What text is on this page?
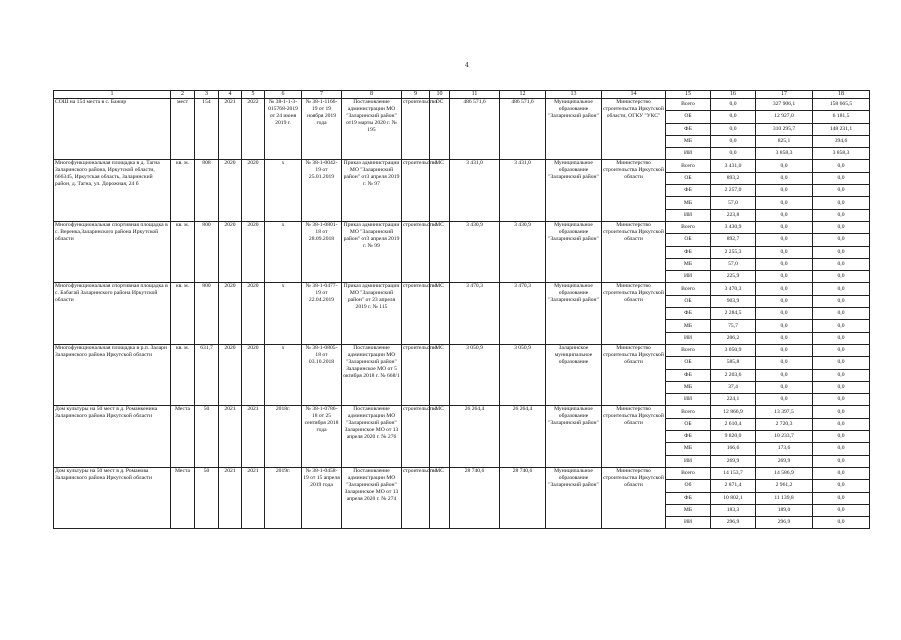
4
1	2	3	4	5	6	7	8	9	10	11	12	13	14	15	16	17	18
СОШ на 154 места в с. Бажир	мест	154	2021	2022	№ 38-1-1-3-015768-2019 от 24 июня 2019 г.	№ 38-1-1166-19 от 19 ноября 2019 года	Постановление администрации МО "Заларинский район" от19 марты 2020 г. № 195	строительство	ОС	486 571,6	486 571,6	Муниципальное образование "Заларинский район"	Министерство строительства Иркутской области, ОГКУ "УКС"	Всего	0,0	327 906,1	158 665,5
														ОБ	0,0	12 927,0	6 181,5
														ФБ	0,0	310 295,7	148 231,1
														МБ	0,0	825,1	394,6
														ИИ	0,0	3 858,3	3 858,3
Многофункциональная площадка в д. Тагна Заларинского района, Иркутской области, 666345, Иркутская область, Заларинский район, д. Тагна, ул. Дорожная, 24 б	кв. м.	808	2020	2020	х	№ 38-1-0042-19 от 25.01.2019	Приказ администрации МО "Заларинский район" от3 апреля 2019 г. № 97	строительство	МС	3 431,0	3 431,0	Муниципальное образование "Заларинский район"	Министерство строительства Иркутской области	Всего	3 431,0	0,0	0,0
														ОБ	893,2	0,0	0,0
														ФБ	2 257,0	0,0	0,0
														МБ	57,0	0,0	0,0
														ИИ	223,8	0,0	0,0
Многофункциональная спортивная площадка в с. Веренка,Заларинского района Иркутской области	кв. м.	800	2020	2020	х	№ 38-1-0801-18 от 28.09.2018	Приказ администрации МО "Заларинский район" от3 апреля 2019 г. № 99	строительство	МС	3 430,9	3 430,9	Муниципальное образование "Заларинский район"	Министерство строительства Иркутской области	Всего	3 430,9	0,0	0,0
														ОБ	892,7	0,0	0,0
														ФБ	2 255,3	0,0	0,0
														МБ	57,0	0,0	0,0
														ИИ	225,9	0,0	0,0
Многофункциональная спортивная площадка в с. Бабагай Заларинского района Иркутской области	кв. м.	800	2020	2020	х	№ 38-1-0477-19 от 22.04.2019	Приказ администрации МО "Заларинский район" от 23 апреля 2019 г. № 115	строительство	МС	3 470,3	3 470,3	Муниципальное образование "Заларинский район"	Министерство строительства Иркутской области	Всего	3 470,3	0,0	0,0
														ОБ	903,9	0,0	0,0
														ФБ	2 284,5	0,0	0,0
														МБ	75,7	0,0	0,0
														ИИ	206,2	0,0	0,0
Многофункциональная площадка в р.п. Залари Заларинского района Иркутской области	кв. м.	631,7	2020	2020	х	№ 38-1-0805-18 от 03.10.2018	Постановление администрации МО "Заларинский район" Заларинское МО от 5 октября 2018 г. № 668/1	строительство	МС	3 050,9	3 050,9	Заларинское муниципальное образование	Министерство строительства Иркутской области	Всего	3 050,9	0,0	0,0
														ОБ	585,8	0,0	0,0
														ФБ	2 203,6	0,0	0,0
														МБ	37,4	0,0	0,0
														ИИ	224,1	0,0	0,0
Дом культуры на 50 мест в д. Романкенина Заларинского района Иркутской области	Места	50	2021	2021	2018г.	№ 38-1-0786-18 от 25 сентября 2018 года	Постановление администрации МО "Заларинский район" Заларинское МО от 13 апреля 2020 г. № 276	строительство	МС	26 264,4	26 264,4	Муниципальное образование "Заларинский район"	Министерство строительства Иркутской области	Всего	12 866,9	13 397,5	0,0
														ОБ	2 610,4	2 720,3	0,0
														ФБ	9 820,0	10 233,7	0,0
														МБ	166,6	173,6	0,0
														ИИ	269,9	269,9	0,0
Дом культуры на 50 мест в д. Романова Заларинского района Иркутской области	Места	50	2021	2021	2019г.	№ 38-1-0458-19 от 15 апреля 2019 года	Постановление администрации МО "Заларинский район" Заларинское МО от 13 апреля 2020 г. № 274	строительство	МС	28 740,6	28 740,6	Муниципальное образование "Заларинский район"	Министерство строительства Иркутской области	Всего	14 153,7	14 586,9	0,0
														Об	2 871,4	2 961,2	0,0
														ФБ	10 802,1	11 139,8	0,0
														МБ	183,3	189,0	0,0
														ИИ	296,9	296,9	0,0
